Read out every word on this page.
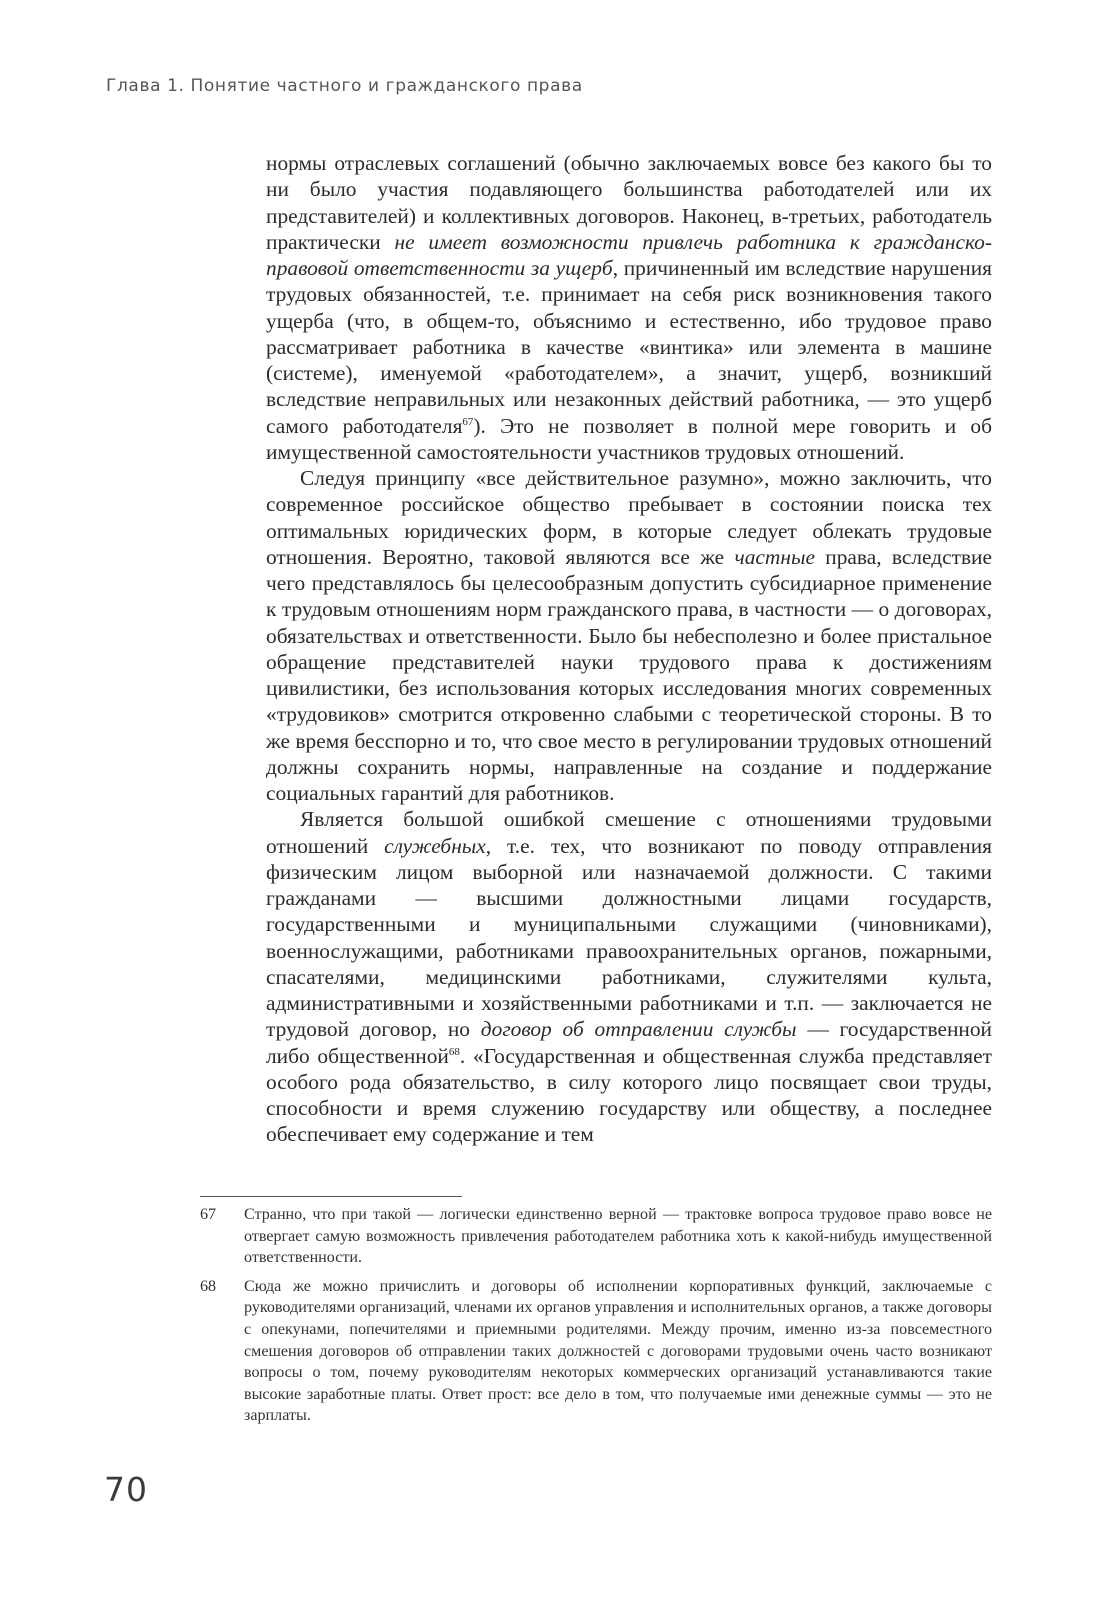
Глава 1. Понятие частного и гражданского права

нормы отраслевых соглашений (обычно заключаемых вовсе без какого бы то ни было участия подавляющего большинства работодателей или их представителей) и коллективных договоров. Наконец, в-третьих, работодатель практически не имеет возможности привлечь работника к гражданско-правовой ответственности за ущерб, причиненный им вследствие нарушения трудовых обязанностей, т.е. принимает на себя риск возникновения такого ущерба (что, в общем-то, объяснимо и естественно, ибо трудовое право рассматривает работника в качестве «винтика» или элемента в машине (системе), именуемой «работодателем», а значит, ущерб, возникший вследствие неправильных или незаконных действий работника, — это ущерб самого работодателя$^{67}$). Это не позволяет в полной мере говорить и об имущественной самостоятельности участников трудовых отношений.

Следуя принципу «все действительное разумно», можно заключить, что современное российское общество пребывает в состоянии поиска тех оптимальных юридических форм, в которые следует облекать трудовые отношения. Вероятно, таковой являются все же частные права, вследствие чего представлялось бы целесообразным допустить субсидиарное применение к трудовым отношениям норм гражданского права, в частности — о договорах, обязательствах и ответственности. Было бы небесполезно и более пристальное обращение представителей науки трудового права к достижениям цивилистики, без использования которых исследования многих современных «трудовиков» смотрится откровенно слабыми с теоретической стороны. В то же время бесспорно и то, что свое место в регулировании трудовых отношений должны сохранить нормы, направленные на создание и поддержание социальных гарантий для работников.

Является большой ошибкой смешение с отношениями трудовыми отношений служебных, т.е. тех, что возникают по поводу отправления физическим лицом выборной или назначаемой должности. С такими гражданами — высшими должностными лицами государств, государственными и муниципальными служащими (чиновниками), военнослужащими, работниками правоохранительных органов, пожарными, спасателями, медицинскими работниками, служителями культа, административными и хозяйственными работниками и т.п. — заключается не трудовой договор, но договор об отправлении службы — государственной либо общественной$^{68}$. «Государственная и общественная служба представляет особого рода обязательство, в силу которого лицо посвящает свои труды, способности и время служению государству или обществу, а последнее обеспечивает ему содержание и тем

67	Странно, что при такой — логически единственно верной — трактовке вопроса трудовое право вовсе не отвергает самую возможность привлечения работодателем работника хоть к какой-нибудь имущественной ответственности.
68	Сюда же можно причислить и договоры об исполнении корпоративных функций, заключаемые с руководителями организаций, членами их органов управления и исполнительных органов, а также договоры с опекунами, попечителями и приемными родителями. Между прочим, именно из-за повсеместного смешения договоров об отправлении таких должностей с договорами трудовыми очень часто возникают вопросы о том, почему руководителям некоторых коммерческих организаций устанавливаются такие высокие заработные платы. Ответ прост: все дело в том, что получаемые ими денежные суммы — это не зарплаты.
70
